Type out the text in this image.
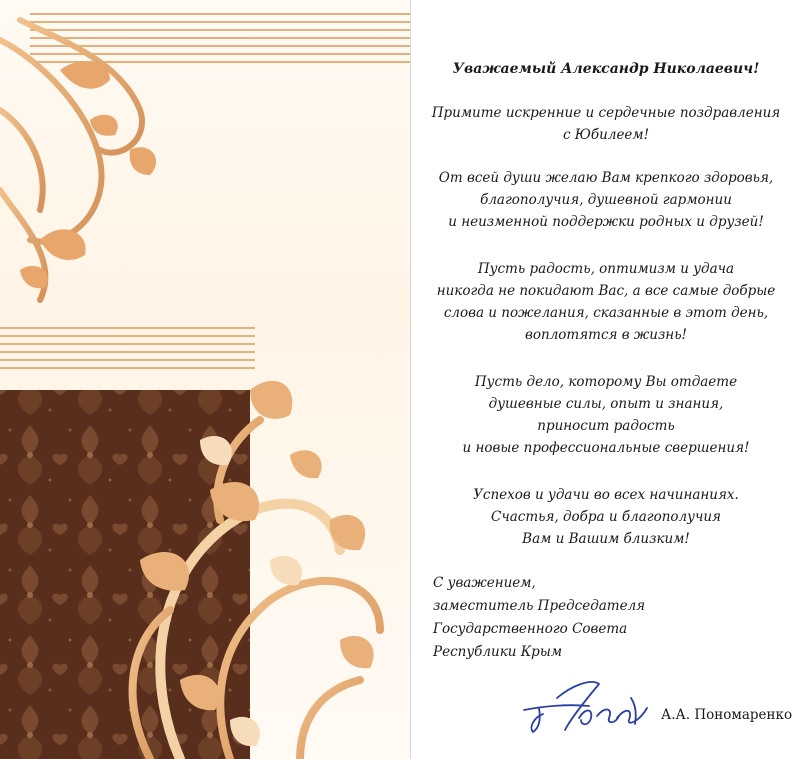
Уважаемый Александр Николаевич!
Примите искренние и сердечные поздравления
с Юбилеем!
От всей души желаю Вам крепкого здоровья,
благополучия, душевной гармонии
и неизменной поддержки родных и друзей!
Пусть радость, оптимизм и удача
никогда не покидают Вас, а все самые добрые
слова и пожелания, сказанные в этот день,
воплотятся в жизнь!
Пусть дело, которому Вы отдаете
душевные силы, опыт и знания,
приносит радость
и новые профессиональные свершения!
Успехов и удачи во всех начинаниях.
Счастья, добра и благополучия
Вам и Вашим близким!
С уважением,
заместитель Председателя
Государственного Совета
Республики Крым
А.А. Пономаренко
